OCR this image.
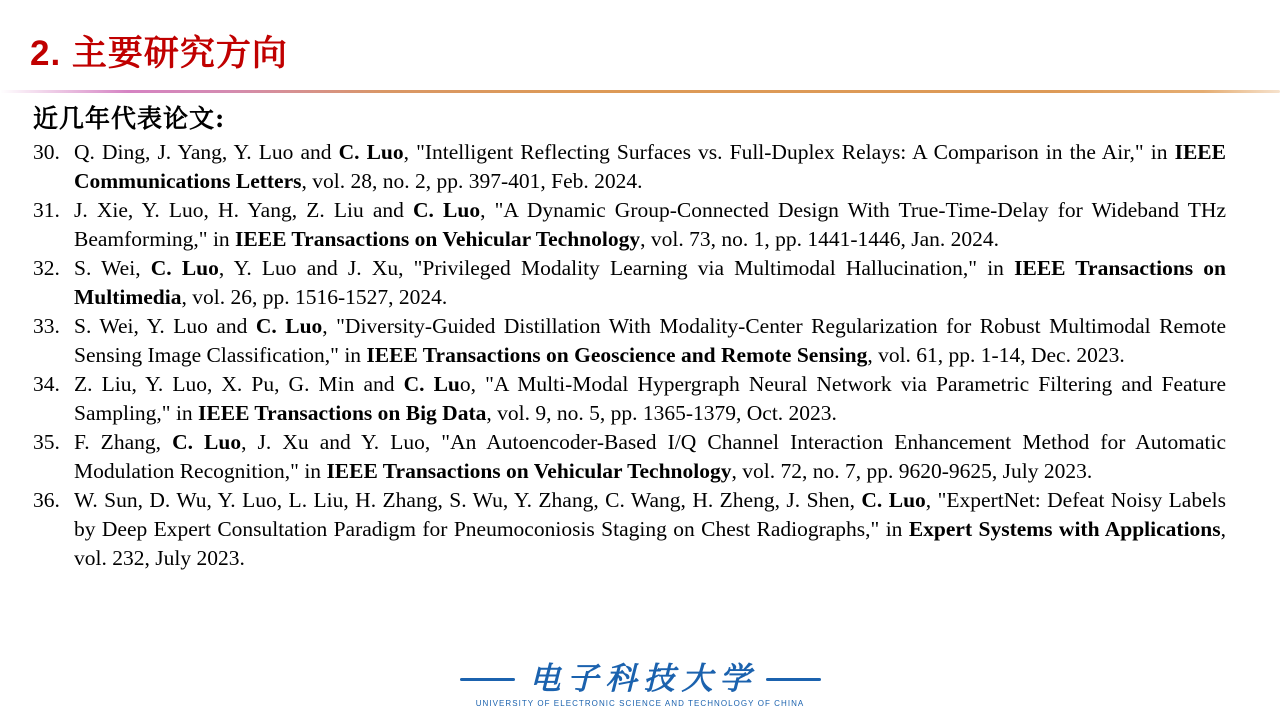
2. 主要研究方向
近几年代表论文:
30. Q. Ding, J. Yang, Y. Luo and C. Luo, "Intelligent Reflecting Surfaces vs. Full-Duplex Relays: A Comparison in the Air," in IEEE Communications Letters, vol. 28, no. 2, pp. 397-401, Feb. 2024.
31. J. Xie, Y. Luo, H. Yang, Z. Liu and C. Luo, "A Dynamic Group-Connected Design With True-Time-Delay for Wideband THz Beamforming," in IEEE Transactions on Vehicular Technology, vol. 73, no. 1, pp. 1441-1446, Jan. 2024.
32. S. Wei, C. Luo, Y. Luo and J. Xu, "Privileged Modality Learning via Multimodal Hallucination," in IEEE Transactions on Multimedia, vol. 26, pp. 1516-1527, 2024.
33. S. Wei, Y. Luo and C. Luo, "Diversity-Guided Distillation With Modality-Center Regularization for Robust Multimodal Remote Sensing Image Classification," in IEEE Transactions on Geoscience and Remote Sensing, vol. 61, pp. 1-14, Dec. 2023.
34. Z. Liu, Y. Luo, X. Pu, G. Min and C. Luo, "A Multi-Modal Hypergraph Neural Network via Parametric Filtering and Feature Sampling," in IEEE Transactions on Big Data, vol. 9, no. 5, pp. 1365-1379, Oct. 2023.
35. F. Zhang, C. Luo, J. Xu and Y. Luo, "An Autoencoder-Based I/Q Channel Interaction Enhancement Method for Automatic Modulation Recognition," in IEEE Transactions on Vehicular Technology, vol. 72, no. 7, pp. 9620-9625, July 2023.
36. W. Sun, D. Wu, Y. Luo, L. Liu, H. Zhang, S. Wu, Y. Zhang, C. Wang, H. Zheng, J. Shen, C. Luo, "ExpertNet: Defeat Noisy Labels by Deep Expert Consultation Paradigm for Pneumoconiosis Staging on Chest Radiographs," in Expert Systems with Applications, vol. 232, July 2023.
电子科技大学
UNIVERSITY OF ELECTRONIC SCIENCE AND TECHNOLOGY OF CHINA
